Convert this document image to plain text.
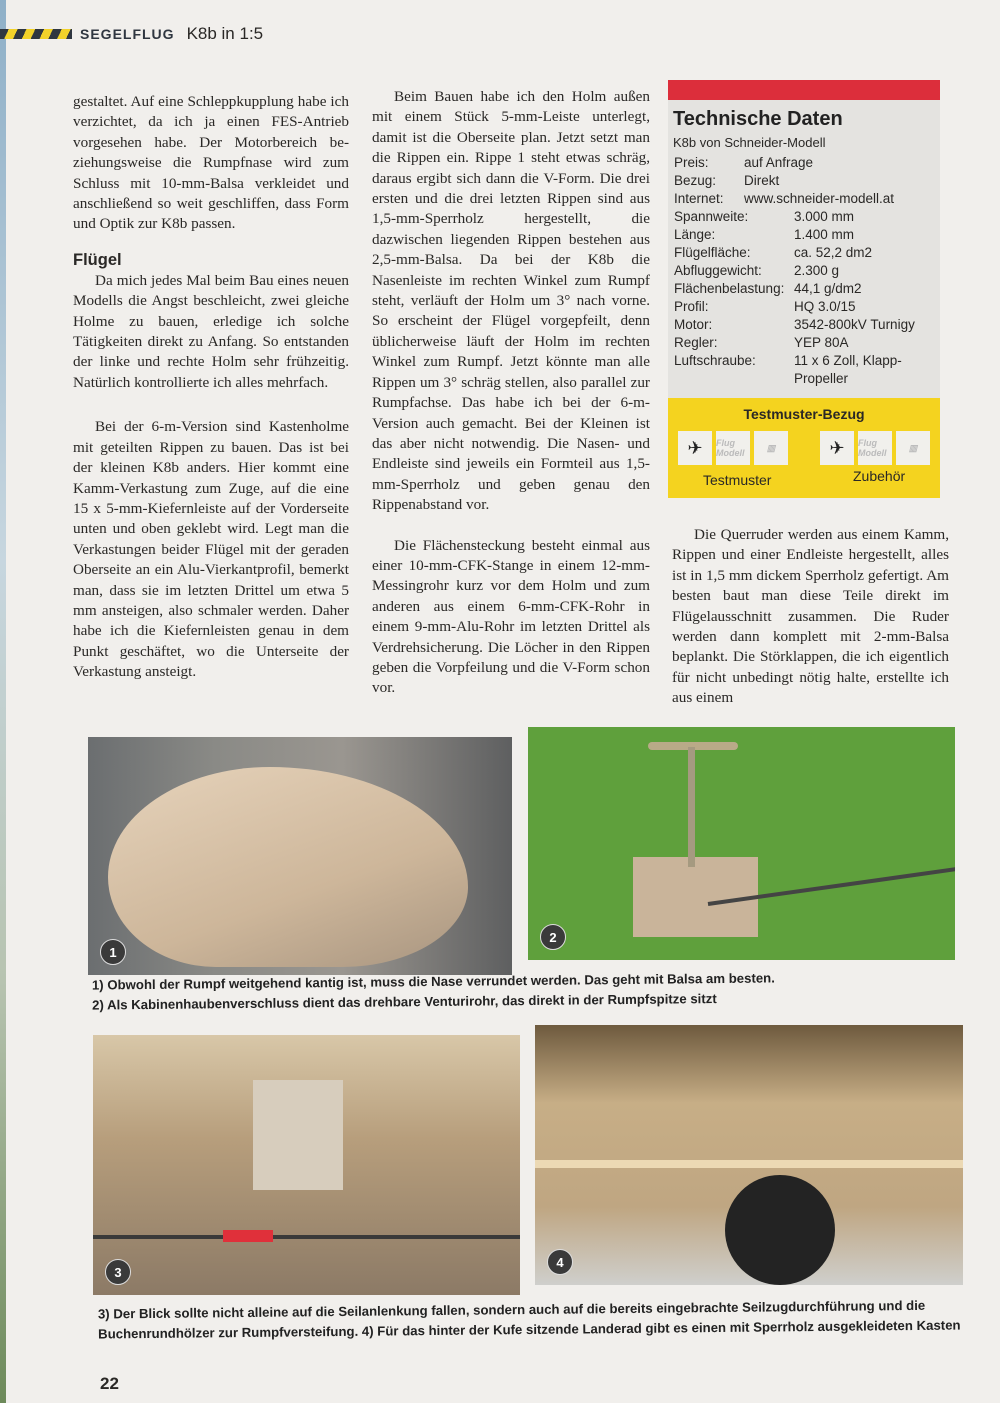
SEGELFLUG K8b in 1:5

gestaltet. Auf eine Schleppkupplung habe ich verzichtet, da ich ja einen FES-Antrieb vorgesehen habe. Der Motorbereich beziehungsweise die Rumpfnase wird zum Schluss mit 10-mm-Balsa verkleidet und anschließend so weit geschliffen, dass Form und Optik zur K8b passen.

Flügel

Da mich jedes Mal beim Bau eines neuen Modells die Angst beschleicht, zwei gleiche Holme zu bauen, erledige ich solche Tätigkeiten direkt zu Anfang. So entstanden der linke und rechte Holm sehr frühzeitig. Natürlich kontrollierte ich alles mehrfach.

Bei der 6-m-Version sind Kastenholme mit geteilten Rippen zu bauen. Das ist bei der kleinen K8b anders. Hier kommt eine Kamm-Verkastung zum Zuge, auf die eine 15 x 5-mm-Kiefernleiste auf der Vorderseite unten und oben geklebt wird. Legt man die Verkastungen beider Flügel mit der geraden Oberseite an ein Alu-Vierkantprofil, bemerkt man, dass sie im letzten Drittel um etwa 5 mm ansteigen, also schmaler werden. Daher habe ich die Kiefernleisten genau in dem Punkt geschäftet, wo die Unterseite der Verkastung ansteigt.

Beim Bauen habe ich den Holm außen mit einem Stück 5-mm-Leiste unterlegt, damit ist die Oberseite plan. Jetzt setzt man die Rippen ein. Rippe 1 steht etwas schräg, daraus ergibt sich dann die V-Form. Die drei ersten und die drei letzten Rippen sind aus 1,5-mm-Sperrholz hergestellt, die dazwischen liegenden Rippen bestehen aus 2,5-mm-Balsa. Da bei der K8b die Nasenleiste im rechten Winkel zum Rumpf steht, verläuft der Holm um 3° nach vorne. So erscheint der Flügel vorgepfeilt, denn üblicherweise läuft der Holm im rechten Winkel zum Rumpf. Jetzt könnte man alle Rippen um 3° schräg stellen, also parallel zur Rumpfachse. Das habe ich bei der 6-m-Version auch gemacht. Bei der Kleinen ist das aber nicht notwendig. Die Nasen- und Endleiste sind jeweils ein Formteil aus 1,5-mm-Sperrholz und geben genau den Rippenabstand vor.

Die Flächensteckung besteht einmal aus einer 10-mm-CFK-Stange in einem 12-mm-Messingrohr kurz vor dem Holm und zum anderen aus einem 6-mm-CFK-Rohr in einem 9-mm-Alu-Rohr im letzten Drittel als Verdrehsicherung. Die Löcher in den Rippen geben die Vorpfeilung und die V-Form schon vor.

Technische Daten
K8b von Schneider-Modell
Preis:	auf Anfrage
Bezug:	Direkt
Internet:	www.schneider-modell.at
Spannweite:	3.000 mm
Länge:	1.400 mm
Flügelfläche:	ca. 52,2 dm2
Abfluggewicht:	2.300 g
Flächenbelastung: 44,1 g/dm2
Profil:	HQ 3.0/15
Motor:	3542-800kV Turnigy
Regler:	YEP 80A
Luftschraube:	11 x 6 Zoll, Klapp-Propeller
Testmuster-Bezug
✈	Flug Modell
▥	✈	Flug Modell
▥
Testmuster	Zubehör

Die Querruder werden aus einem Kamm, Rippen und einer Endleiste hergestellt, alles ist in 1,5 mm dickem Sperrholz gefertigt. Am besten baut man diese Teile direkt im Flügelausschnitt zusammen. Die Ruder werden dann komplett mit 2-mm-Balsa beplankt. Die Störklappen, die ich eigentlich für nicht unbedingt nötig halte, erstellte ich aus einem

1
2
1) Obwohl der Rumpf weitgehend kantig ist, muss die Nase verrundet werden. Das geht mit Balsa am besten.
2) Als Kabinenhaubenverschluss dient das drehbare Venturirohr, das direkt in der Rumpfspitze sitzt
3
4
3) Der Blick sollte nicht alleine auf die Seilanlenkung fallen, sondern auch auf die bereits eingebrachte Seilzugdurchführung und die
Buchenrundhölzer zur Rumpfversteifung. 4) Für das hinter der Kufe sitzende Landerad gibt es einen mit Sperrholz ausgekleideten Kasten
22
